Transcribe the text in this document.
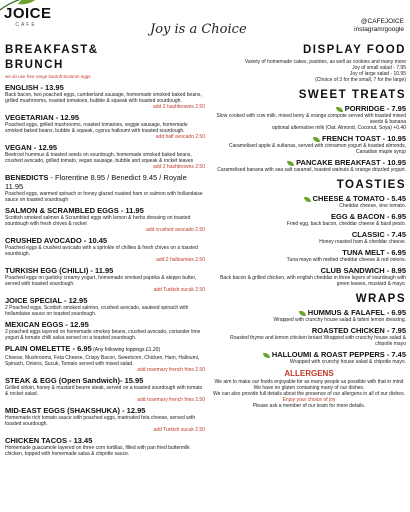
JOICE
CAFE	Joy is a Choice
@CAFEJOICE
instagram/google
BREAKFAST&
BRUNCH
we do use free range bantoft brownm eggs
ENGLISH - 13.95
Back bacon, two poached eggs, cumberland sausage, homemade smoked baked beans, grilled mushrooms, roasted tomatoes, bubble & squeak with toasted sourdough.
add 2 hashbrowns 2.50
VEGETARIAN - 12.95
Poached eggs, grilled mushrooms, roasted tomatoes, veggie sausage, homemade smoked baked beans, bubble & squeak, cyprus halloumi with toasted sourdough.
add half avocado 2.50
VEGAN - 12.95
Beetroot hummus & toasted seeds on sourdough, homemade smoked baked beans, crushed avocado, grilled tomato, vegan sausage, bubble and squeak & rocket leaves
add 2 hashbrowns 2.50
BENEDICTS - Florentine 8.95 / Benedict 9.45 / Royale 11.95
Poached eggs, warmed spinach or honey glazed roasted ham or salmon with hollandaise sauce on toasted sourdough
SALMON & SCRAMBLED EGGS - 11.95
Scottish smoked salmon & Scrambled eggs with lemon & herbs dressing on toasted sourdough with fresh chives & rocket
add crushed avocado 2.50
CRUSHED AVOCADO - 10.45
Poached eggs & crushed avocado with a sprinkle of chillies & fresh chives on a toasted sourdough.
add 2 halloumies 2.50
TURKISH EGG (CHILLI) - 11.95
Poached eggs on garlicky creamy yogurt, homemade smoked paprika & aleppo butter, served with toasted sourdough.
add Turkish sucuk 2.50
JOICE SPECIAL - 12.95
2 Poached eggs, Scottish smoked salmon, crushed avocado, sauteed spinach with hollandaise sauce on toasted sourdough.
MEXICAN EGGS - 12.95
2 poached eggs layered on homemade smokey beans, crushed avocado, coriander lime yogurt & tomato chilli salsa served on a toasted sourdough.
PLAIN OMELETTE - 6.95 (Any following toppings £1.20)
Cheese, Mushrooms, Feta Cheese, Crispy Bacon, Sweetcorn, Chicken, Ham, Halloumi, Spinach, Onions, Sucuk, Tomato served with mixed salad.
add rosemary french fries 2.50
STEAK & EGG (Open Sandwich)- 15.95
Grilled sirloin, honey & mustard beurre steak, served on a toasted sourdough with tomato & rocket salad.
add rosemary french fries 2.50
MID-EAST EGGS (SHAKSHUKA) - 12.95
Homemade rich tomato sauce with poached eggs, marinated feta cheese, served with toasted sourdough.
add Turkish sucuk 2.50
CHICKEN TACOS - 13.45
Homemade guacamole layered on three corn tortillas, filled with pan fried buttermilk chicken, topped with homemade salsa & chipotle sauce.
DISPLAY FOOD
Variety of homemade cakes, pastries, as well as cookies and many more
Joy of small salad - 7.95
Joy of large salad - 10.95
(Choice of 3 for the small, 7 for the large)
SWEET TREATS
PORRIDGE - 7.95
Slow cooked with cow milk, mixed berry & orange compote served with toasted mixed seeds & banana
optional alternative milk (Oat, Almond, Coconut, Soya) +0.40
FRENCH TOAST - 10.95
Caramelised apple & sultanas, served with cinnamon yogurt & toasted almonds, Canadian maple syrup
PANCAKE BREAKFAST - 10.95
Caramelised banana with sea salt caramel, toasted walnuts & orange drizzled yogurt.
TOASTIES
CHEESE & TOMATO - 5.45
Cheddar cheese, vine tomato.
EGG & BACON - 6.95
Fried egg, back bacon, cheddar cheese & basil pesto.
CLASSIC - 7.45
Honey roasted ham & cheddar cheese.
TUNA MELT - 6.95
Tuna mayo with melted cheddar cheese & red onions.
CLUB SANDWICH - 8.95
Back bacon & grilled chicken, with english cheddar in three layers of sourdough with green leaves, mustard & mayo.
WRAPS
HUMMUS & FALAFEL - 6.95
Wrapped with crunchy house salad & tahini lemon dressing.
ROASTED CHICKEN - 7.95
Roasted thyme and lemon chicken breast Wrapped with crunchy house salad & chipotle mayo
HALLOUMI & ROAST PEPPERS - 7.45
Wrapped with crunchy house salad & chipotle mayo.
ALLERGENS
We aim to make our foods enjoyable for as many people as possible with that in mind
We have no gluten containing many of our dishes.
We can also provide full details about the presence of our allergens in all of our dishes.
Enjoy your choice of joy
Please ask a member of our team for more details.
